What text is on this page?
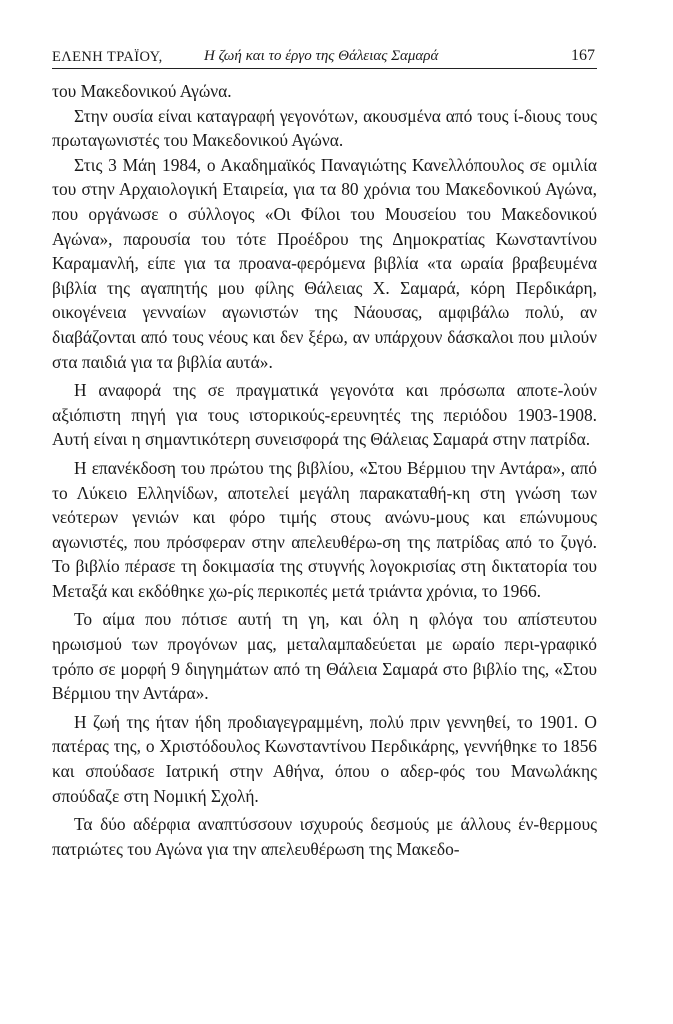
ΕΛΕΝΗ ΤΡΑΪΟΥ,	Η ζωή και το έργο της Θάλειας Σαμαρά	167

του Μακεδονικού Αγώνα.

Στην ουσία είναι καταγραφή γεγονότων, ακουσμένα από τους ί-διους τους πρωταγωνιστές του Μακεδονικού Αγώνα.

Στις 3 Μάη 1984, ο Ακαδημαϊκός Παναγιώτης Κανελλόπουλος σε ομιλία του στην Αρχαιολογική Εταιρεία, για τα 80 χρόνια του Μακεδονικού Αγώνα, που οργάνωσε ο σύλλογος «Οι Φίλοι του Μουσείου του Μακεδονικού Αγώνα», παρουσία του τότε Προέδρου της Δημοκρατίας Κωνσταντίνου Καραμανλή, είπε για τα προανα-φερόμενα βιβλία «τα ωραία βραβευμένα βιβλία της αγαπητής μου φίλης Θάλειας Χ. Σαμαρά, κόρη Περδικάρη, οικογένεια γενναίων αγωνιστών της Νάουσας, αμφιβάλω πολύ, αν διαβάζονται από τους νέους και δεν ξέρω, αν υπάρχουν δάσκαλοι που μιλούν στα παιδιά για τα βιβλία αυτά».

Η αναφορά της σε πραγματικά γεγονότα και πρόσωπα αποτε-λούν αξιόπιστη πηγή για τους ιστορικούς-ερευνητές της περιόδου 1903-1908. Αυτή είναι η σημαντικότερη συνεισφορά της Θάλειας Σαμαρά στην πατρίδα.

Η επανέκδοση του πρώτου της βιβλίου, «Στου Βέρμιου την Αντάρα», από το Λύκειο Ελληνίδων, αποτελεί μεγάλη παρακαταθή-κη στη γνώση των νεότερων γενιών και φόρο τιμής στους ανώνυ-μους και επώνυμους αγωνιστές, που πρόσφεραν στην απελευθέρω-ση της πατρίδας από το ζυγό. Το βιβλίο πέρασε τη δοκιμασία της στυγνής λογοκρισίας στη δικτατορία του Μεταξά και εκδόθηκε χω-ρίς περικοπές μετά τριάντα χρόνια, το 1966.

Το αίμα που πότισε αυτή τη γη, και όλη η φλόγα του απίστευτου ηρωισμού των προγόνων μας, μεταλαμπαδεύεται με ωραίο περι-γραφικό τρόπο σε μορφή 9 διηγημάτων από τη Θάλεια Σαμαρά στο βιβλίο της, «Στου Βέρμιου την Αντάρα».

Η ζωή της ήταν ήδη προδιαγεγραμμένη, πολύ πριν γεννηθεί, το 1901. Ο πατέρας της, ο Χριστόδουλος Κωνσταντίνου Περδικάρης, γεννήθηκε το 1856 και σπούδασε Ιατρική στην Αθήνα, όπου ο αδερ-φός του Μανωλάκης σπούδαζε στη Νομική Σχολή.

Τα δύο αδέρφια αναπτύσσουν ισχυρούς δεσμούς με άλλους έν-θερμους πατριώτες του Αγώνα για την απελευθέρωση της Μακεδο-
